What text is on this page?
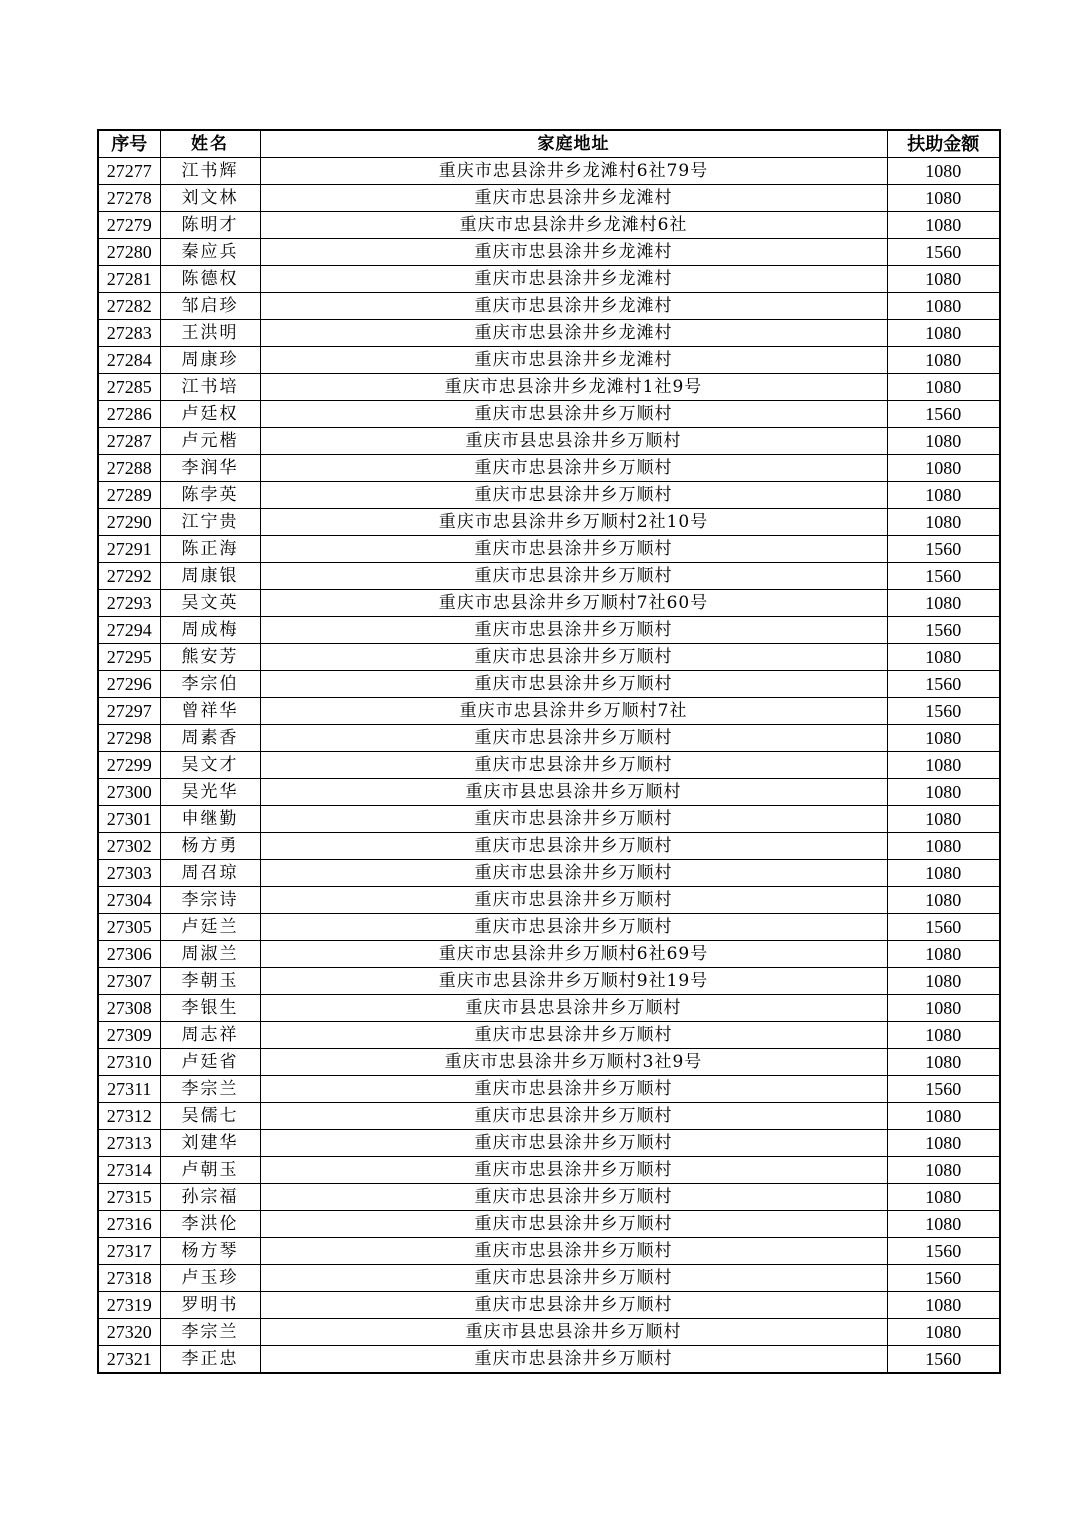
序号	姓名	家庭地址	扶助金额
27277	江书辉	重庆市忠县涂井乡龙滩村6社79号	1080
27278	刘文林	重庆市忠县涂井乡龙滩村	1080
27279	陈明才	重庆市忠县涂井乡龙滩村6社	1080
27280	秦应兵	重庆市忠县涂井乡龙滩村	1560
27281	陈德权	重庆市忠县涂井乡龙滩村	1080
27282	邹启珍	重庆市忠县涂井乡龙滩村	1080
27283	王洪明	重庆市忠县涂井乡龙滩村	1080
27284	周康珍	重庆市忠县涂井乡龙滩村	1080
27285	江书培	重庆市忠县涂井乡龙滩村1社9号	1080
27286	卢廷权	重庆市忠县涂井乡万顺村	1560
27287	卢元楷	重庆市县忠县涂井乡万顺村	1080
27288	李润华	重庆市忠县涂井乡万顺村	1080
27289	陈孛英	重庆市忠县涂井乡万顺村	1080
27290	江宁贵	重庆市忠县涂井乡万顺村2社10号	1080
27291	陈正海	重庆市忠县涂井乡万顺村	1560
27292	周康银	重庆市忠县涂井乡万顺村	1560
27293	吴文英	重庆市忠县涂井乡万顺村7社60号	1080
27294	周成梅	重庆市忠县涂井乡万顺村	1560
27295	熊安芳	重庆市忠县涂井乡万顺村	1080
27296	李宗伯	重庆市忠县涂井乡万顺村	1560
27297	曾祥华	重庆市忠县涂井乡万顺村7社	1560
27298	周素香	重庆市忠县涂井乡万顺村	1080
27299	吴文才	重庆市忠县涂井乡万顺村	1080
27300	吴光华	重庆市县忠县涂井乡万顺村	1080
27301	申继勤	重庆市忠县涂井乡万顺村	1080
27302	杨方勇	重庆市忠县涂井乡万顺村	1080
27303	周召琼	重庆市忠县涂井乡万顺村	1080
27304	李宗诗	重庆市忠县涂井乡万顺村	1080
27305	卢廷兰	重庆市忠县涂井乡万顺村	1560
27306	周淑兰	重庆市忠县涂井乡万顺村6社69号	1080
27307	李朝玉	重庆市忠县涂井乡万顺村9社19号	1080
27308	李银生	重庆市县忠县涂井乡万顺村	1080
27309	周志祥	重庆市忠县涂井乡万顺村	1080
27310	卢廷省	重庆市忠县涂井乡万顺村3社9号	1080
27311	李宗兰	重庆市忠县涂井乡万顺村	1560
27312	吴儒七	重庆市忠县涂井乡万顺村	1080
27313	刘建华	重庆市忠县涂井乡万顺村	1080
27314	卢朝玉	重庆市忠县涂井乡万顺村	1080
27315	孙宗福	重庆市忠县涂井乡万顺村	1080
27316	李洪伦	重庆市忠县涂井乡万顺村	1080
27317	杨方琴	重庆市忠县涂井乡万顺村	1560
27318	卢玉珍	重庆市忠县涂井乡万顺村	1560
27319	罗明书	重庆市忠县涂井乡万顺村	1080
27320	李宗兰	重庆市县忠县涂井乡万顺村	1080
27321	李正忠	重庆市忠县涂井乡万顺村	1560
